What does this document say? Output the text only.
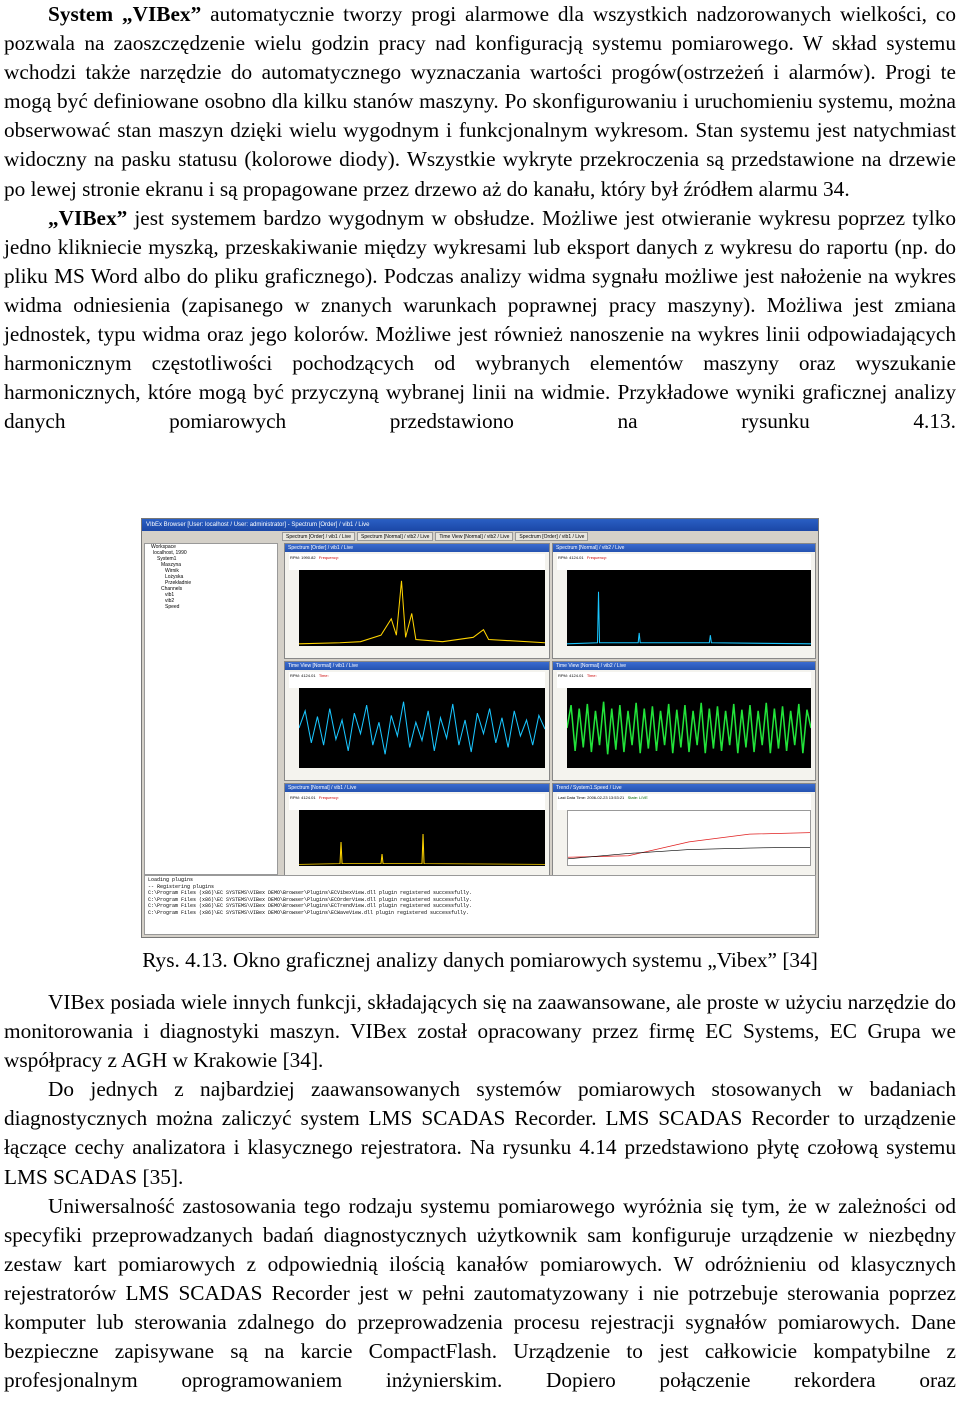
System „VIBex” automatycznie tworzy progi alarmowe dla wszystkich nadzorowanych wielkości, co pozwala na zaoszczędzenie wielu godzin pracy nad konfiguracją systemu pomiarowego. W skład systemu wchodzi także narzędzie do automatycznego wyznaczania wartości progów(ostrzeżeń i alarmów). Progi te mogą być definiowane osobno dla kilku stanów maszyny. Po skonfigurowaniu i uruchomieniu systemu, można obserwować stan maszyn dzięki wielu wygodnym i funkcjonalnym wykresom. Stan systemu jest natychmiast widoczny na pasku statusu (kolorowe diody). Wszystkie wykryte przekroczenia są przedstawione na drzewie po lewej stronie ekranu i są propagowane przez drzewo aż do kanału, który był źródłem alarmu 34.

„VIBex” jest systemem bardzo wygodnym w obsłudze. Możliwe jest otwieranie wykresu poprzez tylko jedno klikniecie myszką, przeskakiwanie między wykresami lub eksport danych z wykresu do raportu (np. do pliku MS Word albo do pliku graficznego). Podczas analizy widma sygnału możliwe jest nałożenie na wykres widma odniesienia (zapisanego w znanych warunkach poprawnej pracy maszyny). Możliwa jest zmiana jednostek, typu widma oraz jego kolorów. Możliwe jest również nanoszenie na wykres linii odpowiadających harmonicznym częstotliwości pochodzących od wybranych elementów maszyny oraz wyszukanie harmonicznych, które mogą być przyczyną wybranej linii na widmie. Przykładowe wyniki graficznej analizy danych pomiarowych przedstawiono na rysunku 4.13.

VIbEx Browser [User: localhost / User: administrator] - Spectrum [Order] / vib1 / Live
Spectrum [Order] / vib1 / Live	Spectrum [Normal] / vib2 / Live	Time View [Normal] / vib2 / Live	Spectrum [Order] / vib1 / Live
Workspace
localhost, 1990
System1
Maszyna
Wirnik
Lożyska
Przekładnie
Channels
vib1
vib2
Speed
Spectrum [Order] / vib1 / Live
RPM: 1990.82 Frequency:
Spectrum [Normal] / vib2 / Live
RPM: 4124.01 Frequency:
Time View [Normal] / vib1 / Live
RPM: 4124.01 Time:
Time View [Normal] / vib2 / Live
RPM: 4124.01 Time:
Spectrum [Normal] / vib1 / Live
RPM: 4124.01 Frequency:
Trend / System1.Speed / Live
Last Data Time: 2006-02-23 13:53:21 State: LIVE
Loading plugins
-- Registering plugins
C:\Program Files (x86)\EC SYSTEMS\VIBex DEMO\Browser\Plugins\ECVibexView.dll plugin registered successfully.
C:\Program Files (x86)\EC SYSTEMS\VIBex DEMO\Browser\Plugins\ECOrderView.dll plugin registered successfully.
C:\Program Files (x86)\EC SYSTEMS\VIBex DEMO\Browser\Plugins\ECTrendView.dll plugin registered successfully.
C:\Program Files (x86)\EC SYSTEMS\VIBex DEMO\Browser\Plugins\ECWaveView.dll plugin registered successfully.
Rys. 4.13. Okno graficznej analizy danych pomiarowych systemu „Vibex” [34]

VIBex posiada wiele innych funkcji, składających się na zaawansowane, ale proste w użyciu narzędzie do monitorowania i diagnostyki maszyn. VIBex został opracowany przez firmę EC Systems, EC Grupa we współpracy z AGH w Krakowie [34].

Do jednych z najbardziej zaawansowanych systemów pomiarowych stosowanych w badaniach diagnostycznych można zaliczyć system LMS SCADAS Recorder. LMS SCADAS Recorder to urządzenie łączące cechy analizatora i klasycznego rejestratora. Na rysunku 4.14 przedstawiono płytę czołową systemu LMS SCADAS [35].

Uniwersalność zastosowania tego rodzaju systemu pomiarowego wyróżnia się tym, że w zależności od specyfiki przeprowadzanych badań diagnostycznych użytkownik sam konfiguruje urządzenie w niezbędny zestaw kart pomiarowych z odpowiednią ilością kanałów pomiarowych. W odróżnieniu od klasycznych rejestratorów LMS SCADAS Recorder jest w pełni zautomatyzowany i nie potrzebuje sterowania poprzez komputer lub sterowania zdalnego do przeprowadzenia procesu rejestracji sygnałów pomiarowych. Dane bezpieczne zapisywane są na karcie CompactFlash. Urządzenie to jest całkowicie kompatybilne z profesjonalnym oprogramowaniem inżynierskim. Dopiero połączenie rekordera oraz
